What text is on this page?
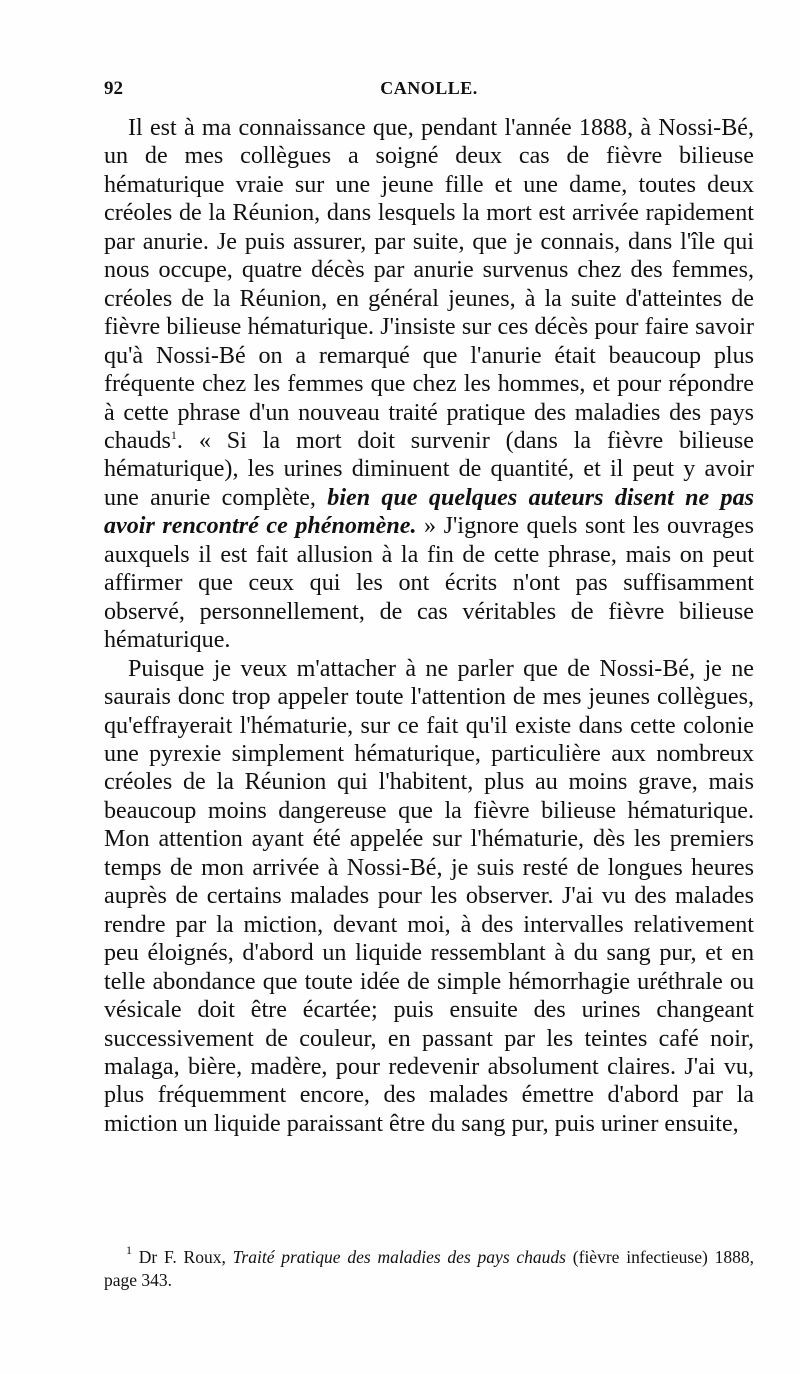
92	CANOLLE.

Il est à ma connaissance que, pendant l'année 1888, à Nossi-Bé, un de mes collègues a soigné deux cas de fièvre bilieuse hématurique vraie sur une jeune fille et une dame, toutes deux créoles de la Réunion, dans lesquels la mort est arrivée rapidement par anurie. Je puis assurer, par suite, que je connais, dans l'île qui nous occupe, quatre décès par anurie survenus chez des femmes, créoles de la Réunion, en général jeunes, à la suite d'atteintes de fièvre bilieuse hématurique. J'insiste sur ces décès pour faire savoir qu'à Nossi-Bé on a remarqué que l'anurie était beaucoup plus fréquente chez les femmes que chez les hommes, et pour répondre à cette phrase d'un nouveau traité pratique des maladies des pays chauds$^1$. « Si la mort doit survenir (dans la fièvre bilieuse hématurique), les urines diminuent de quantité, et il peut y avoir une anurie complète, bien que quelques auteurs disent ne pas avoir rencontré ce phénomène. » J'ignore quels sont les ouvrages auxquels il est fait allusion à la fin de cette phrase, mais on peut affirmer que ceux qui les ont écrits n'ont pas suffisamment observé, personnellement, de cas véritables de fièvre bilieuse hématurique.

Puisque je veux m'attacher à ne parler que de Nossi-Bé, je ne saurais donc trop appeler toute l'attention de mes jeunes collègues, qu'effrayerait l'hématurie, sur ce fait qu'il existe dans cette colonie une pyrexie simplement hématurique, particulière aux nombreux créoles de la Réunion qui l'habitent, plus au moins grave, mais beaucoup moins dangereuse que la fièvre bilieuse hématurique. Mon attention ayant été appelée sur l'hématurie, dès les premiers temps de mon arrivée à Nossi-Bé, je suis resté de longues heures auprès de certains malades pour les observer. J'ai vu des malades rendre par la miction, devant moi, à des intervalles relativement peu éloignés, d'abord un liquide ressemblant à du sang pur, et en telle abondance que toute idée de simple hémorrhagie uréthrale ou vésicale doit être écartée; puis ensuite des urines changeant successivement de couleur, en passant par les teintes café noir, malaga, bière, madère, pour redevenir absolument claires. J'ai vu, plus fréquemment encore, des malades émettre d'abord par la miction un liquide paraissant être du sang pur, puis uriner ensuite,

$^1$ Dr F. Roux, Traité pratique des maladies des pays chauds (fièvre infectieuse) 1888, page 343.
